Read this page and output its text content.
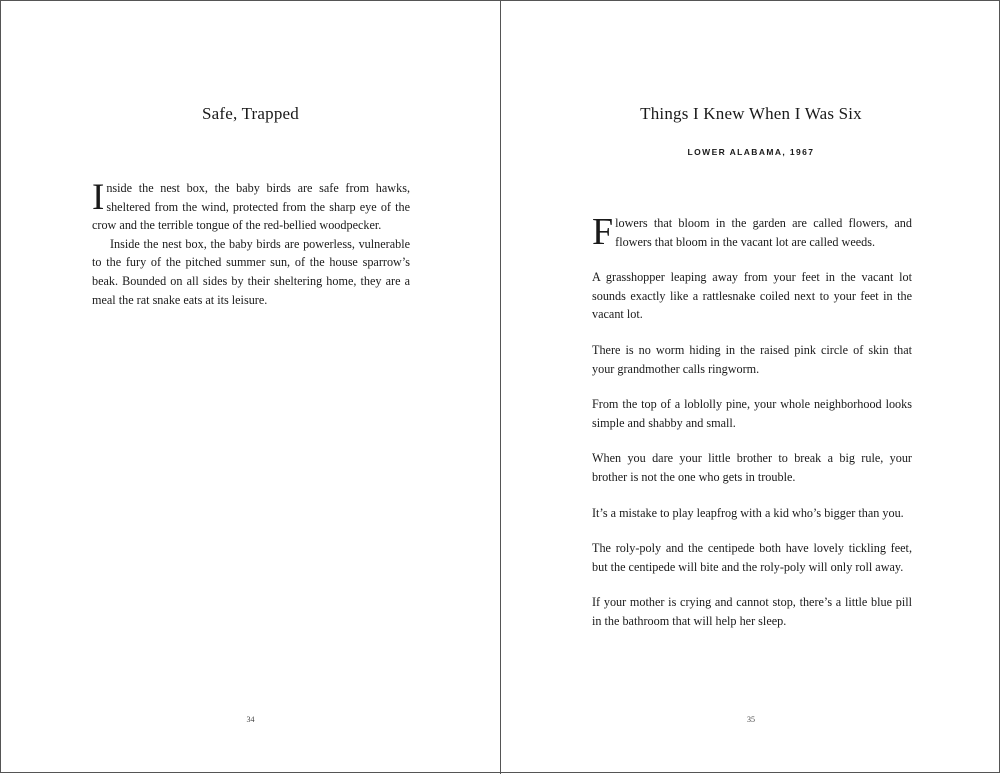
Safe, Trapped

Inside the nest box, the baby birds are safe from hawks, sheltered from the wind, protected from the sharp eye of the crow and the terrible tongue of the red-bellied woodpecker.

Inside the nest box, the baby birds are powerless, vulnerable to the fury of the pitched summer sun, of the house sparrow’s beak. Bounded on all sides by their sheltering home, they are a meal the rat snake eats at its leisure.

34
Things I Knew When I Was Six
LOWER ALABAMA, 1967

Flowers that bloom in the garden are called flowers, and flowers that bloom in the vacant lot are called weeds.

A grasshopper leaping away from your feet in the vacant lot sounds exactly like a rattlesnake coiled next to your feet in the vacant lot.

There is no worm hiding in the raised pink circle of skin that your grandmother calls ringworm.

From the top of a loblolly pine, your whole neighborhood looks simple and shabby and small.

When you dare your little brother to break a big rule, your brother is not the one who gets in trouble.

It’s a mistake to play leapfrog with a kid who’s bigger than you.

The roly-poly and the centipede both have lovely tickling feet, but the centipede will bite and the roly-poly will only roll away.

If your mother is crying and cannot stop, there’s a little blue pill in the bathroom that will help her sleep.

35
